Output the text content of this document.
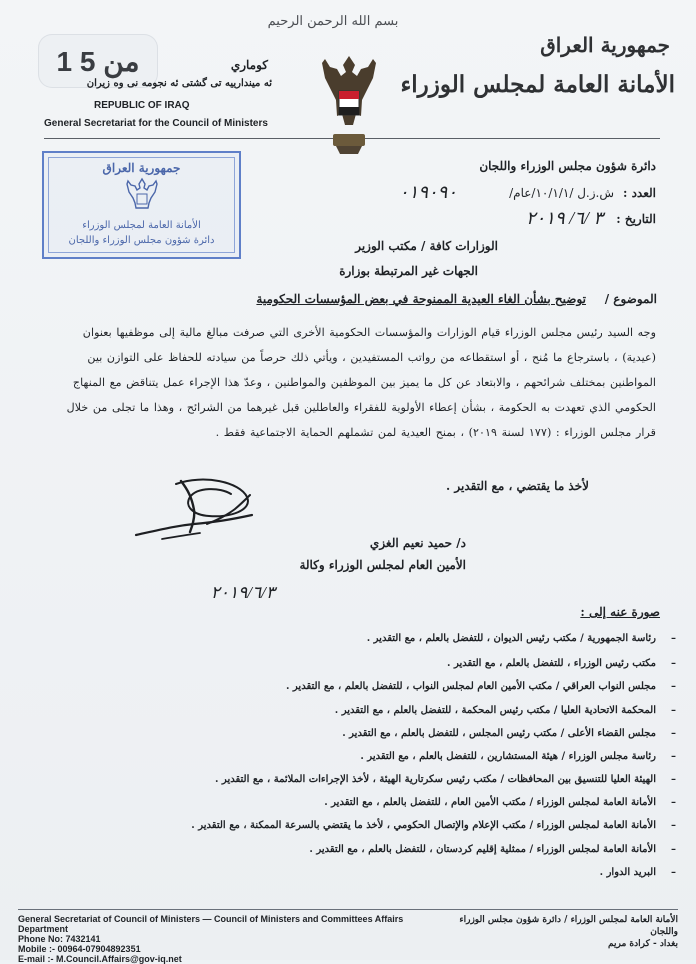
1 من 5
بسم الله الرحمن الرحيم
جمهورية العراق
الأمانة العامة لمجلس الوزراء
كوماري
ئه ميندارييه تى گشتى ئه نجومه نى وه زيران
REPUBLIC OF IRAQ
General Secretariat for the Council of Ministers
دائرة شؤون مجلس الوزراء واللجان
العدد :
ش.ز.ل /١٠/١/١/عام/
٠١٩٠٩٠
التاريخ :
٣ /٦/ ٢٠١٩
جمهورية العراق
الأمانة العامة لمجلس الوزراء
دائرة شؤون مجلس الوزراء واللجان	الوزارات كافة / مكتب الوزير
الجهات غير المرتبطة بوزارة
الموضوع /
توضيح بشأن الغاء العيدية الممنوحة في بعض المؤسسات الحكومية
وجه السيد رئيس مجلس الوزراء قيام الوزارات والمؤسسات الحكومية الأخرى التي صرفت مبالغ مالية إلى موظفيها بعنوان (عيدية) ، باسترجاع ما مُنح ، أو استقطاعه من رواتب المستفيدين ، ويأتي ذلك حرصاً من سيادته للحفاظ على التوازن بين المواطنين بمختلف شرائحهم ، والابتعاد عن كل ما يميز بين الموظفين والمواطنين ، وعدّ هذا الإجراء عمل يتناقض مع المنهاج الحكومي الذي تعهدت به الحكومة ، بشأن إعطاء الأولوية للفقراء والعاطلين قبل غيرهما من الشرائح ، وهذا ما تجلى من خلال قرار مجلس الوزراء : (١٧٧ لسنة ٢٠١٩) ، بمنح العيدية لمن تشملهم الحماية الاجتماعية فقط .
لأخذ ما يقتضي ، مع التقدير .
د/ حميد نعيم الغزي
الأمين العام لمجلس الوزراء وكالة
٢٠١٩/٦/٣
صورة عنه إلى :
رئاسة الجمهورية / مكتب رئيس الديوان ، للتفضل بالعلم ، مع التقدير . –
مكتب رئيس الوزراء ، للتفضل بالعلم ، مع التقدير . –
مجلس النواب العراقي / مكتب الأمين العام لمجلس النواب ، للتفضل بالعلم ، مع التقدير . –
المحكمة الاتحادية العليا / مكتب رئيس المحكمة ، للتفضل بالعلم ، مع التقدير . –
مجلس القضاء الأعلى / مكتب رئيس المجلس ، للتفضل بالعلم ، مع التقدير . –
رئاسة مجلس الوزراء / هيئة المستشارين ، للتفضل بالعلم ، مع التقدير . –
الهيئة العليا للتنسيق بين المحافظات / مكتب رئيس سكرتارية الهيئة ، لأخذ الإجراءات الملائمة ، مع التقدير . –
الأمانة العامة لمجلس الوزراء / مكتب الأمين العام ، للتفضل بالعلم ، مع التقدير . –
الأمانة العامة لمجلس الوزراء / مكتب الإعلام والإتصال الحكومي ، لأخذ ما يقتضي بالسرعة الممكنة ، مع التقدير . –
الأمانة العامة لمجلس الوزراء / ممثلية إقليم كردستان ، للتفضل بالعلم ، مع التقدير . –
البريد الدوار . –
General Secretariat of Council of Ministers — Council of Ministers and Committees Affairs Department
Phone No: 7432141
Mobile :- 00964-07904892351
E-mail :- M.Council.Affairs@gov-iq.net
الأمانة العامة لمجلس الوزراء / دائرة شؤون مجلس الوزراء واللجان
بغداد - كرادة مريم
